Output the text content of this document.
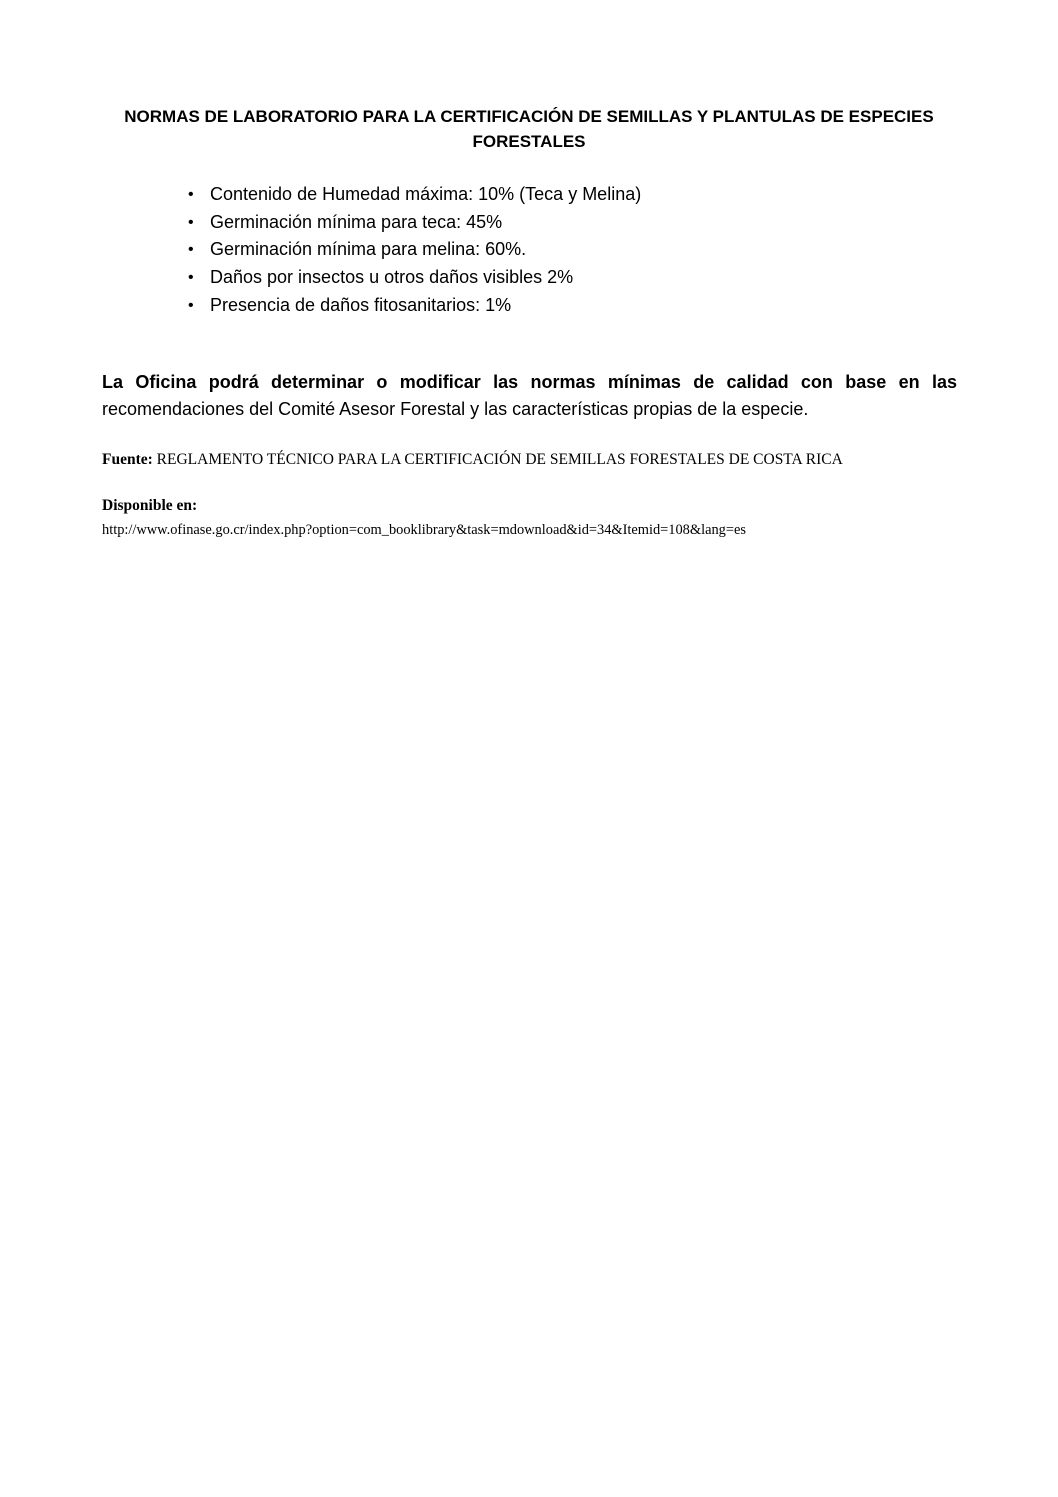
NORMAS DE LABORATORIO PARA LA CERTIFICACIÓN DE SEMILLAS Y PLANTULAS DE ESPECIES
FORESTALES
• Contenido de Humedad máxima: 10% (Teca y Melina)
• Germinación mínima para teca: 45%
• Germinación mínima para melina: 60%.
• Daños por insectos u otros daños visibles 2%
• Presencia de daños fitosanitarios: 1%
La Oficina podrá determinar o modificar las normas mínimas de calidad con base en las
recomendaciones del Comité Asesor Forestal y las características propias de la especie.
Fuente: REGLAMENTO TÉCNICO PARA LA CERTIFICACIÓN DE SEMILLAS FORESTALES DE COSTA RICA
Disponible en:
http://www.ofinase.go.cr/index.php?option=com_booklibrary&task=mdownload&id=34&Itemid=108&lang=es
